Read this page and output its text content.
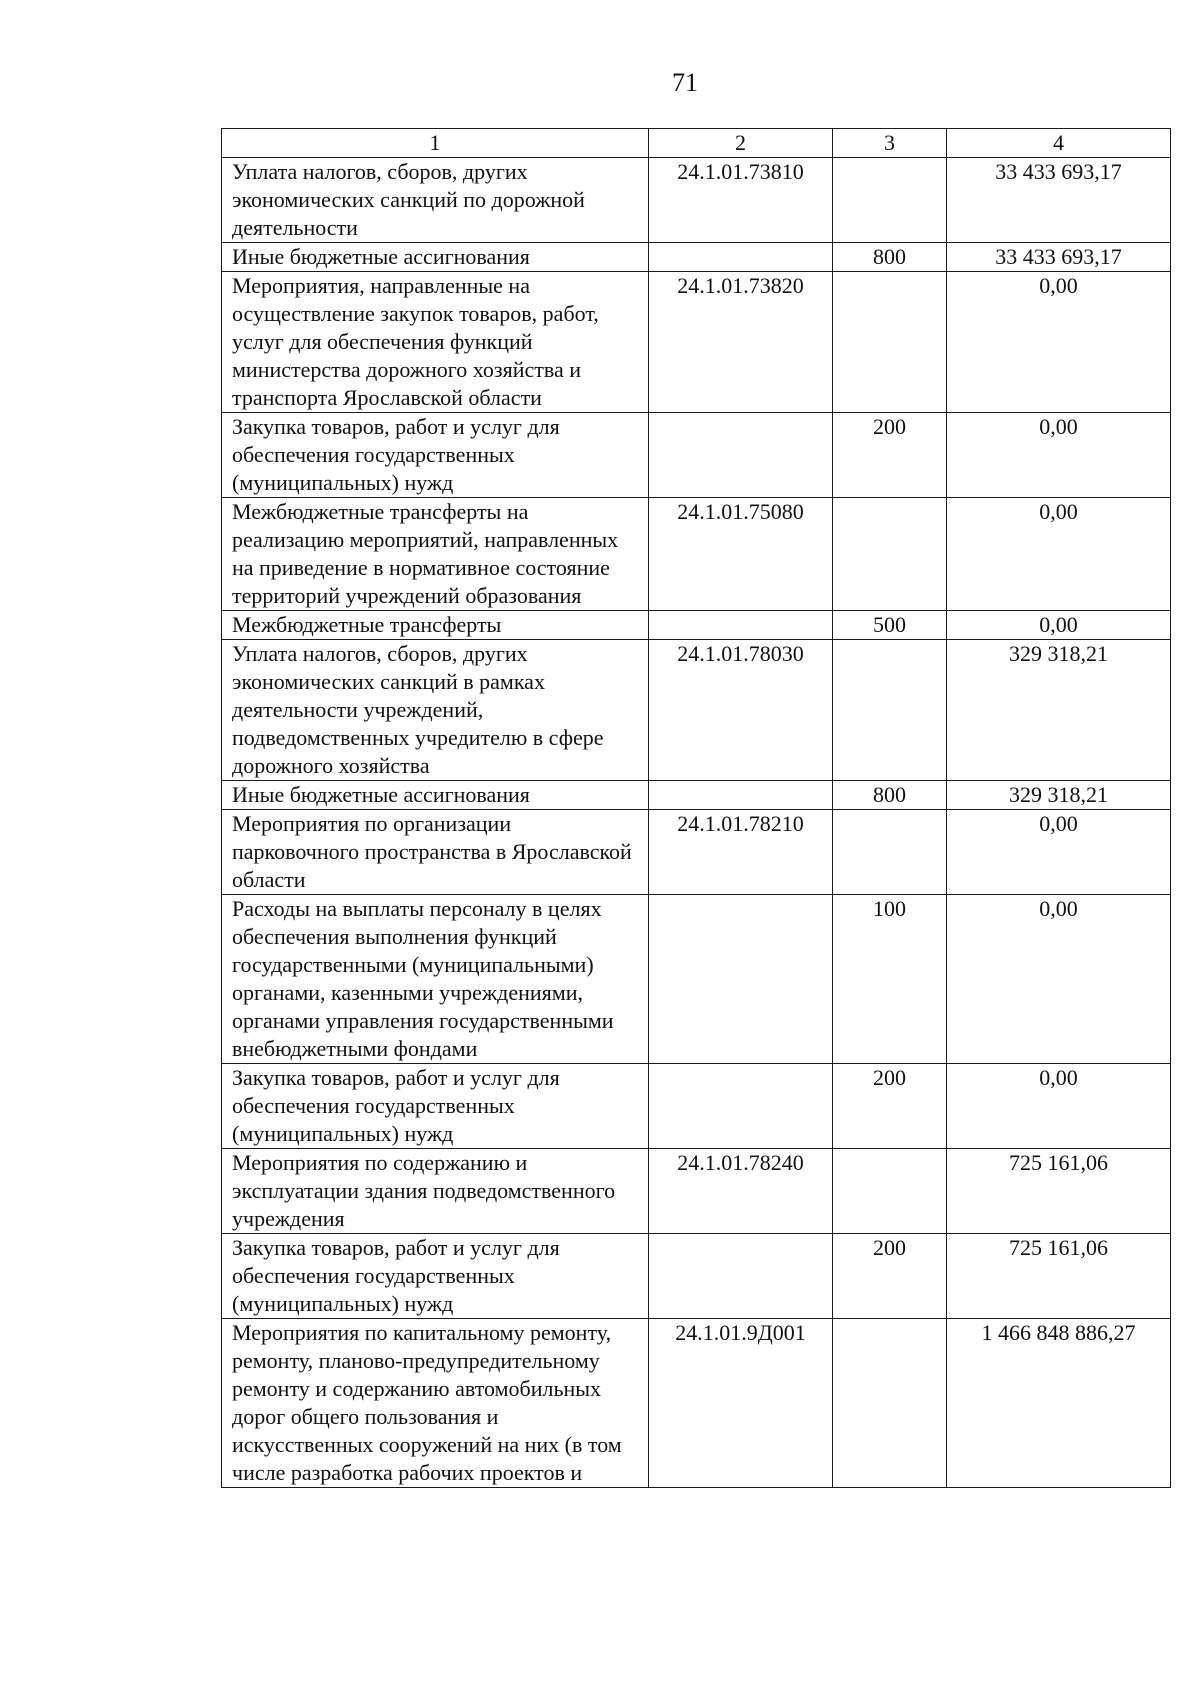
71
1	2	3	4
Уплата налогов, сборов, других экономических санкций по дорожной деятельности	24.1.01.73810		33 433 693,17
Иные бюджетные ассигнования		800	33 433 693,17
Мероприятия, направленные на осуществление закупок товаров, работ, услуг для обеспечения функций министерства дорожного хозяйства и транспорта Ярославской области	24.1.01.73820		0,00
Закупка товаров, работ и услуг для обеспечения государственных (муниципальных) нужд		200	0,00
Межбюджетные трансферты на реализацию мероприятий, направленных на приведение в нормативное состояние территорий учреждений образования	24.1.01.75080		0,00
Межбюджетные трансферты		500	0,00
Уплата налогов, сборов, других экономических санкций в рамках деятельности учреждений, подведомственных учредителю в сфере дорожного хозяйства	24.1.01.78030		329 318,21
Иные бюджетные ассигнования		800	329 318,21
Мероприятия по организации парковочного пространства в Ярославской области	24.1.01.78210		0,00
Расходы на выплаты персоналу в целях обеспечения выполнения функций государственными (муниципальными) органами, казенными учреждениями, органами управления государственными внебюджетными фондами		100	0,00
Закупка товаров, работ и услуг для обеспечения государственных (муниципальных) нужд		200	0,00
Мероприятия по содержанию и эксплуатации здания подведомственного учреждения	24.1.01.78240		725 161,06
Закупка товаров, работ и услуг для обеспечения государственных (муниципальных) нужд		200	725 161,06
Мероприятия по капитальному ремонту, ремонту, планово-предупредительному ремонту и содержанию автомобильных дорог общего пользования и искусственных сооружений на них (в том числе разработка рабочих проектов и	24.1.01.9Д001		1 466 848 886,27
